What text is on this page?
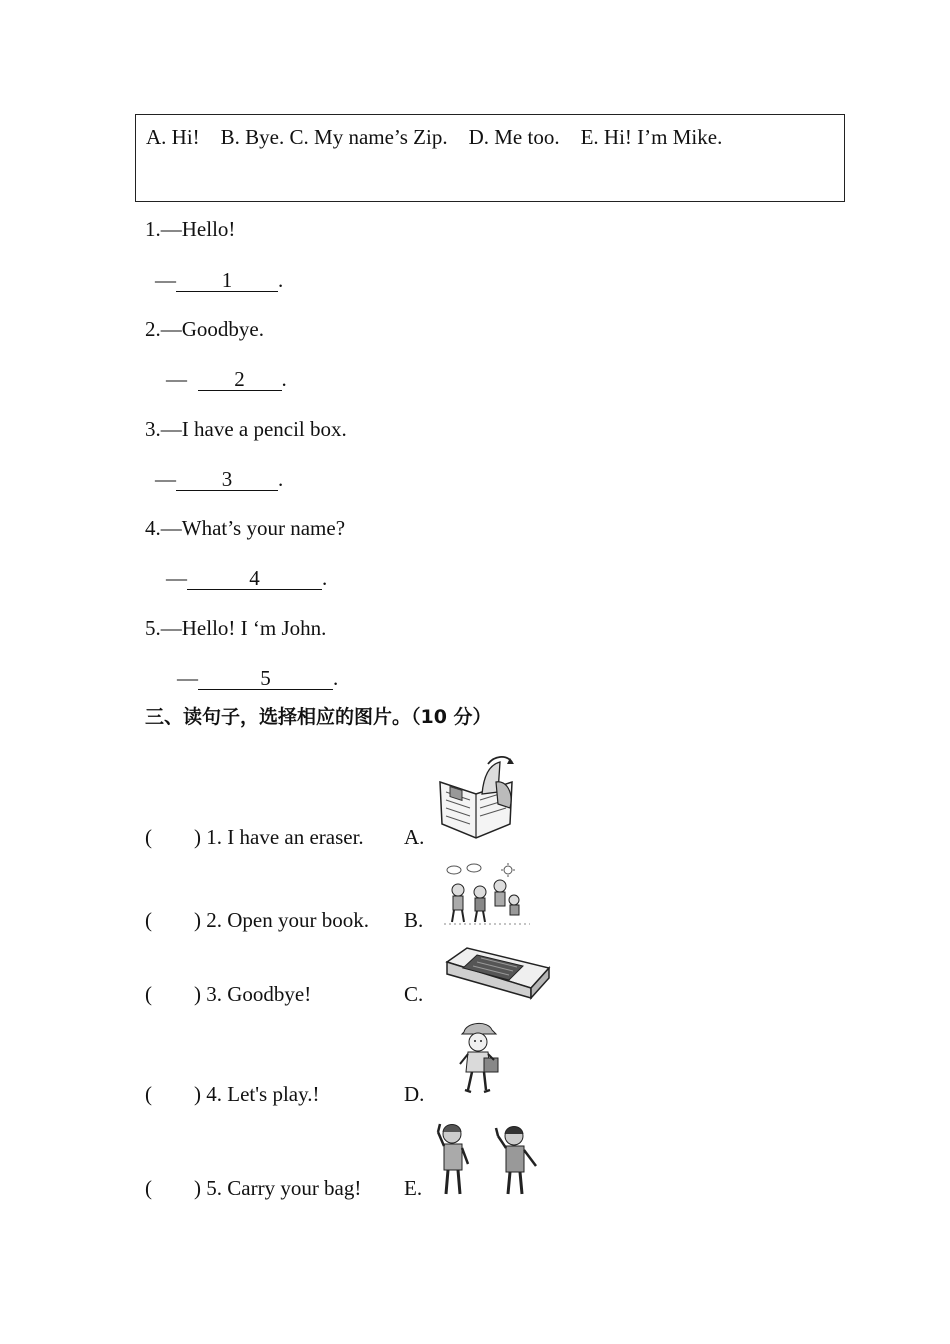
A. Hi! B. Bye. C. My name’s Zip. D. Me too. E. Hi! I’m Mike.
1.—Hello!
— 1 .
2.—Goodbye.
— 2 .
3.—I have a pencil box.
— 3 .
4.—What’s your name?
—	4	.
5.—Hello! I ‘m John.
—	5	.
三、读句子，选择相应的图片。（10 分）
(        ) 1. I have an eraser. A.
(        ) 2. Open your book. B.
(        ) 3. Goodbye!	C.
(        ) 4. Let's play.!	D.
(        ) 5. Carry your bag! E.
